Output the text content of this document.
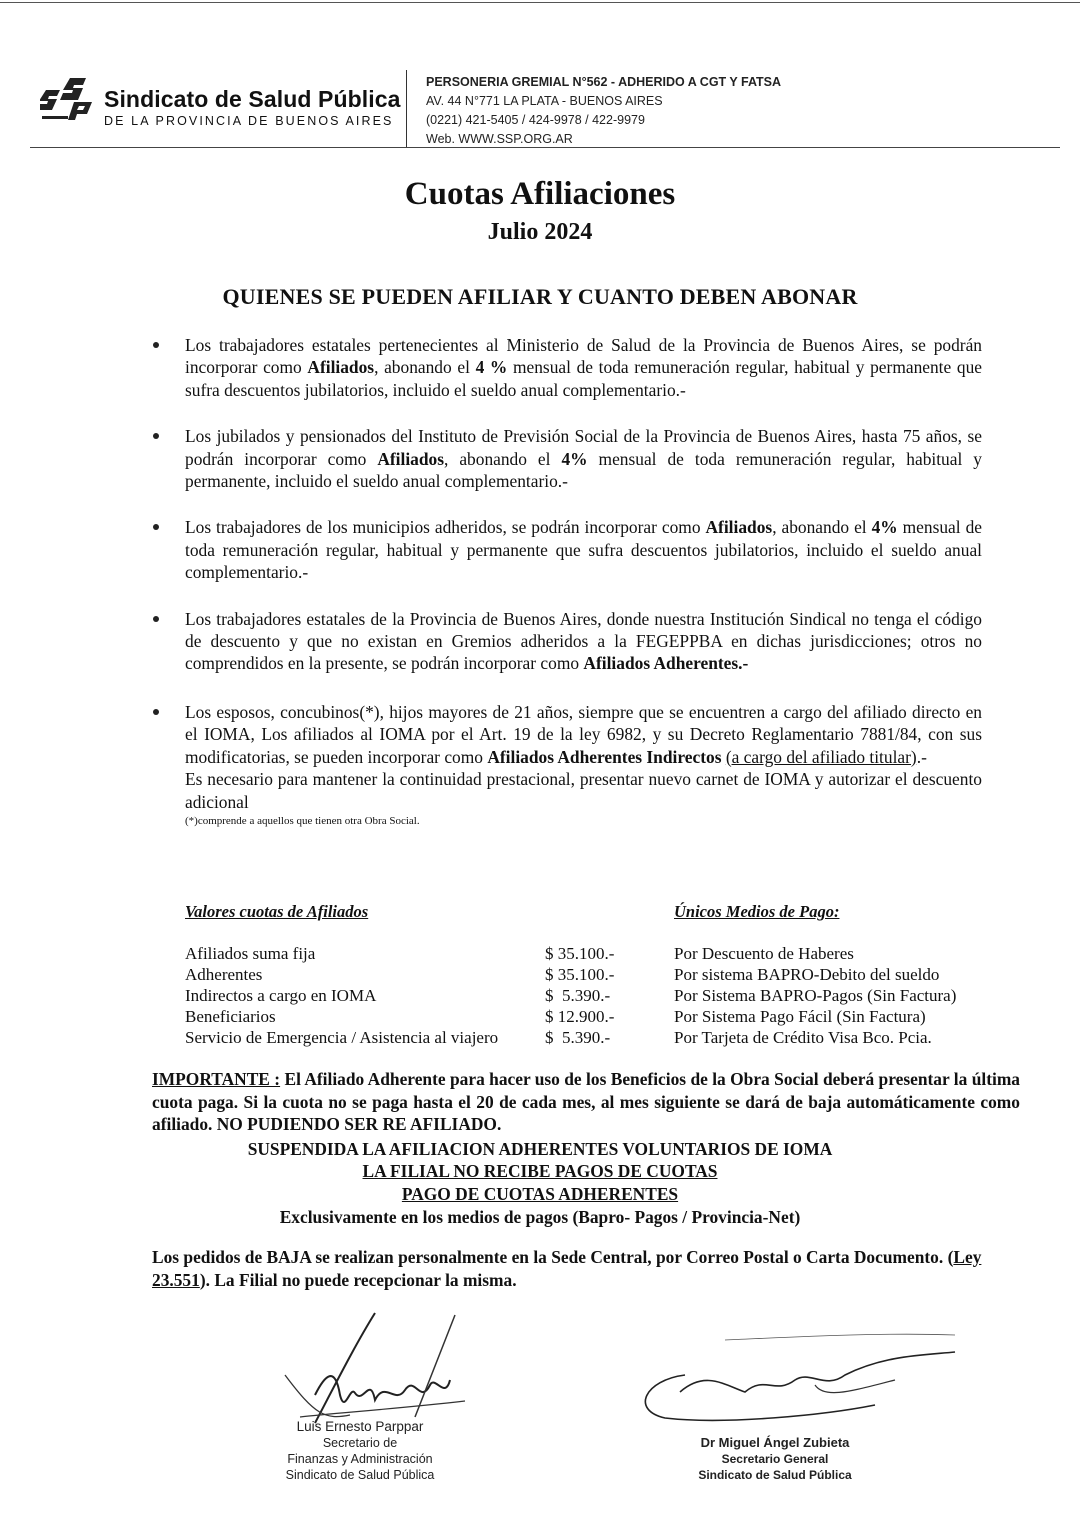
Sindicato de Salud Pública
DE LA PROVINCIA DE BUENOS AIRES
PERSONERIA GREMIAL N°562 - ADHERIDO A CGT Y FATSA
AV. 44 N°771 LA PLATA - BUENOS AIRES
(0221) 421-5405 / 424-9978 / 422-9979
Web. WWW.SSP.ORG.AR
Cuotas Afiliaciones
Julio 2024
QUIENES SE PUEDEN AFILIAR Y CUANTO DEBEN ABONAR
Los trabajadores estatales pertenecientes al Ministerio de Salud de la Provincia de Buenos Aires, se podrán incorporar como Afiliados, abonando el 4 % mensual de toda remuneración regular, habitual y permanente que sufra descuentos jubilatorios, incluido el sueldo anual complementario.-
Los jubilados y pensionados del Instituto de Previsión Social de la Provincia de Buenos Aires, hasta 75 años, se podrán incorporar como Afiliados, abonando el 4% mensual de toda remuneración regular, habitual y permanente, incluido el sueldo anual complementario.-
Los trabajadores de los municipios adheridos, se podrán incorporar como Afiliados, abonando el 4% mensual de toda remuneración regular, habitual y permanente que sufra descuentos jubilatorios, incluido el sueldo anual complementario.-
Los trabajadores estatales de la Provincia de Buenos Aires, donde nuestra Institución Sindical no tenga el código de descuento y que no existan en Gremios adheridos a la FEGEPPBA en dichas jurisdicciones; otros no comprendidos en la presente, se podrán incorporar como Afiliados Adherentes.-
Los esposos, concubinos(*), hijos mayores de 21 años, siempre que se encuentren a cargo del afiliado directo en el IOMA, Los afiliados al IOMA por el Art. 19 de la ley 6982, y su Decreto Reglamentario 7881/84, con sus modificatorias, se pueden incorporar como Afiliados Adherentes Indirectos (a cargo del afiliado titular).-
Es necesario para mantener la continuidad prestacional, presentar nuevo carnet de IOMA y autorizar el descuento adicional
(*)comprende a aquellos que tienen otra Obra Social.
Valores cuotas de Afiliados	Únicos Medios de Pago:
Afiliados suma fija	$ 35.100.-	Por Descuento de Haberes
Adherentes	$ 35.100.-	Por sistema BAPRO-Debito del sueldo
Indirectos a cargo en IOMA	$  5.390.-	Por Sistema BAPRO-Pagos (Sin Factura)
Beneficiarios	$ 12.900.-	Por Sistema Pago Fácil (Sin Factura)
Servicio de Emergencia / Asistencia al viajero	$  5.390.-	Por Tarjeta de Crédito Visa Bco. Pcia.
IMPORTANTE : El Afiliado Adherente para hacer uso de los Beneficios de la Obra Social deberá presentar la última cuota paga. Si la cuota no se paga hasta el 20 de cada mes, al mes siguiente se dará de baja automáticamente como afiliado. NO PUDIENDO SER RE AFILIADO.
SUSPENDIDA LA AFILIACION ADHERENTES VOLUNTARIOS DE IOMA
LA FILIAL NO RECIBE PAGOS DE CUOTAS
PAGO DE CUOTAS ADHERENTES
Exclusivamente en los medios de pagos (Bapro- Pagos / Provincia-Net)
Los pedidos de BAJA se realizan personalmente en la Sede Central, por Correo Postal o Carta Documento. (Ley 23.551). La Filial no puede recepcionar la misma.
Luis Ernesto Parppar
Secretario de
Finanzas y Administración
Sindicato de Salud Pública
Dr Miguel Ángel Zubieta
Secretario General
Sindicato de Salud Pública
